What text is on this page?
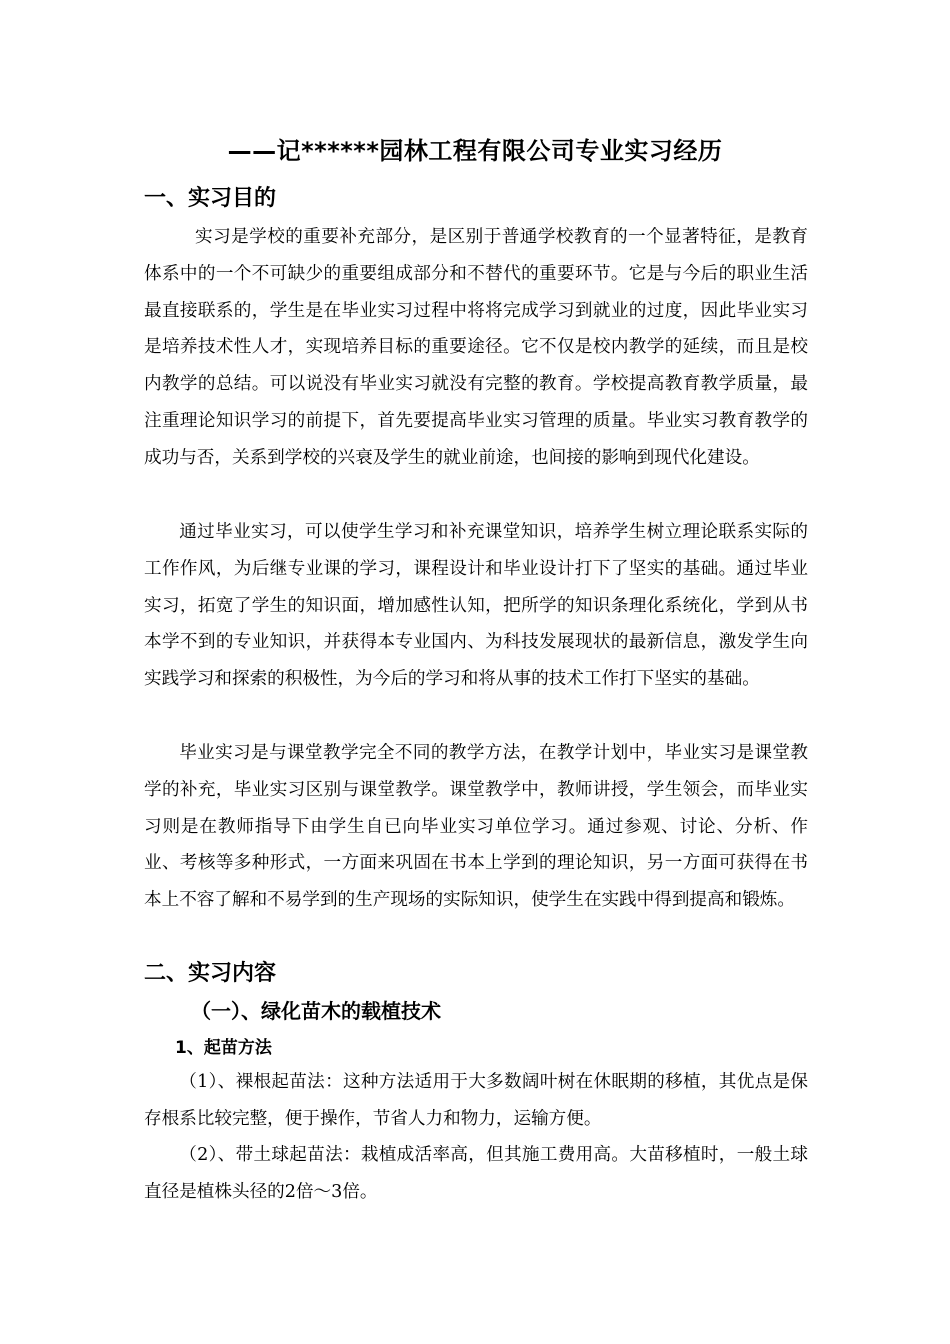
——记******园林工程有限公司专业实习经历
一、实习目的

实习是学校的重要补充部分，是区别于普通学校教育的一个显著特征，是教育体系中的一个不可缺少的重要组成部分和不替代的重要环节。它是与今后的职业生活最直接联系的，学生是在毕业实习过程中将将完成学习到就业的过度，因此毕业实习是培养技术性人才，实现培养目标的重要途径。它不仅是校内教学的延续，而且是校内教学的总结。可以说没有毕业实习就没有完整的教育。学校提高教育教学质量，最注重理论知识学习的前提下，首先要提高毕业实习管理的质量。毕业实习教育教学的成功与否，关系到学校的兴衰及学生的就业前途，也间接的影响到现代化建设。

通过毕业实习，可以使学生学习和补充课堂知识，培养学生树立理论联系实际的工作作风，为后继专业课的学习，课程设计和毕业设计打下了坚实的基础。通过毕业实习，拓宽了学生的知识面，增加感性认知，把所学的知识条理化系统化，学到从书本学不到的专业知识，并获得本专业国内、为科技发展现状的最新信息，激发学生向实践学习和探索的积极性，为今后的学习和将从事的技术工作打下坚实的基础。

毕业实习是与课堂教学完全不同的教学方法，在教学计划中，毕业实习是课堂教学的补充，毕业实习区别与课堂教学。课堂教学中，教师讲授，学生领会，而毕业实习则是在教师指导下由学生自已向毕业实习单位学习。通过参观、讨论、分析、作业、考核等多种形式，一方面来巩固在书本上学到的理论知识，另一方面可获得在书本上不容了解和不易学到的生产现场的实际知识，使学生在实践中得到提高和锻炼。

二、实习内容
（一）、绿化苗木的载植技术
1、起苗方法

（1）、裸根起苗法：这种方法适用于大多数阔叶树在休眠期的移植，其优点是保存根系比较完整，便于操作，节省人力和物力，运输方便。

（2）、带土球起苗法：栽植成活率高，但其施工费用高。大苗移植时，一般土球直径是植株头径的2倍～3倍。
